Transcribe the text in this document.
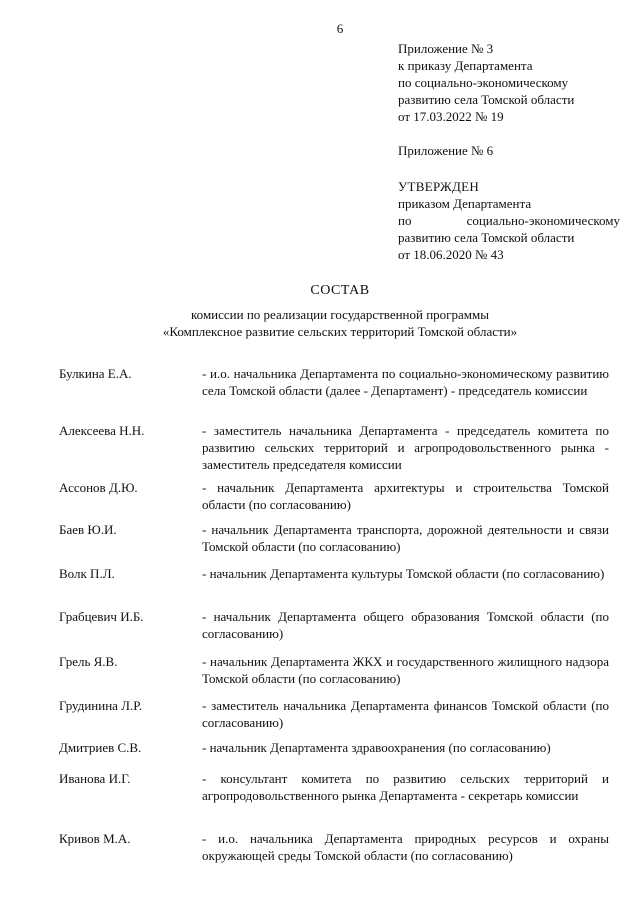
6
Приложение № 3
к приказу Департамента
по социально-экономическому
развитию села Томской области
от 17.03.2022 № 19
Приложение № 6
УТВЕРЖДЕН
приказом Департамента
по	социально-экономическому
развитию села Томской области
от 18.06.2020 № 43
СОСТАВ
комиссии по реализации государственной программы
«Комплексное развитие сельских территорий Томской области»
Булкина Е.А.	- и.о. начальника Департамента по социально-экономическому развитию села Томской области (далее - Департамент) - председатель комиссии
Алексеева Н.Н.	- заместитель начальника Департамента - председатель комитета по развитию сельских территорий и агропродовольственного рынка - заместитель председателя комиссии
Ассонов Д.Ю.	- начальник Департамента архитектуры и строительства Томской области (по согласованию)
Баев Ю.И.	- начальник Департамента транспорта, дорожной деятельности и связи Томской области (по согласованию)
Волк П.Л.	- начальник Департамента культуры Томской области (по согласованию)
Грабцевич И.Б.	- начальник Департамента общего образования Томской области (по согласованию)
Грель Я.В.	- начальник Департамента ЖКХ и государственного жилищного надзора Томской области (по согласованию)
Грудинина Л.Р.	- заместитель начальника Департамента финансов Томской области (по согласованию)
Дмитриев С.В.	- начальник Департамента здравоохранения (по согласованию)
Иванова И.Г.	- консультант комитета по развитию сельских территорий и агропродовольственного рынка Департамента - секретарь комиссии
Кривов М.А.	- и.о. начальника Департамента природных ресурсов и охраны окружающей среды Томской области (по согласованию)
